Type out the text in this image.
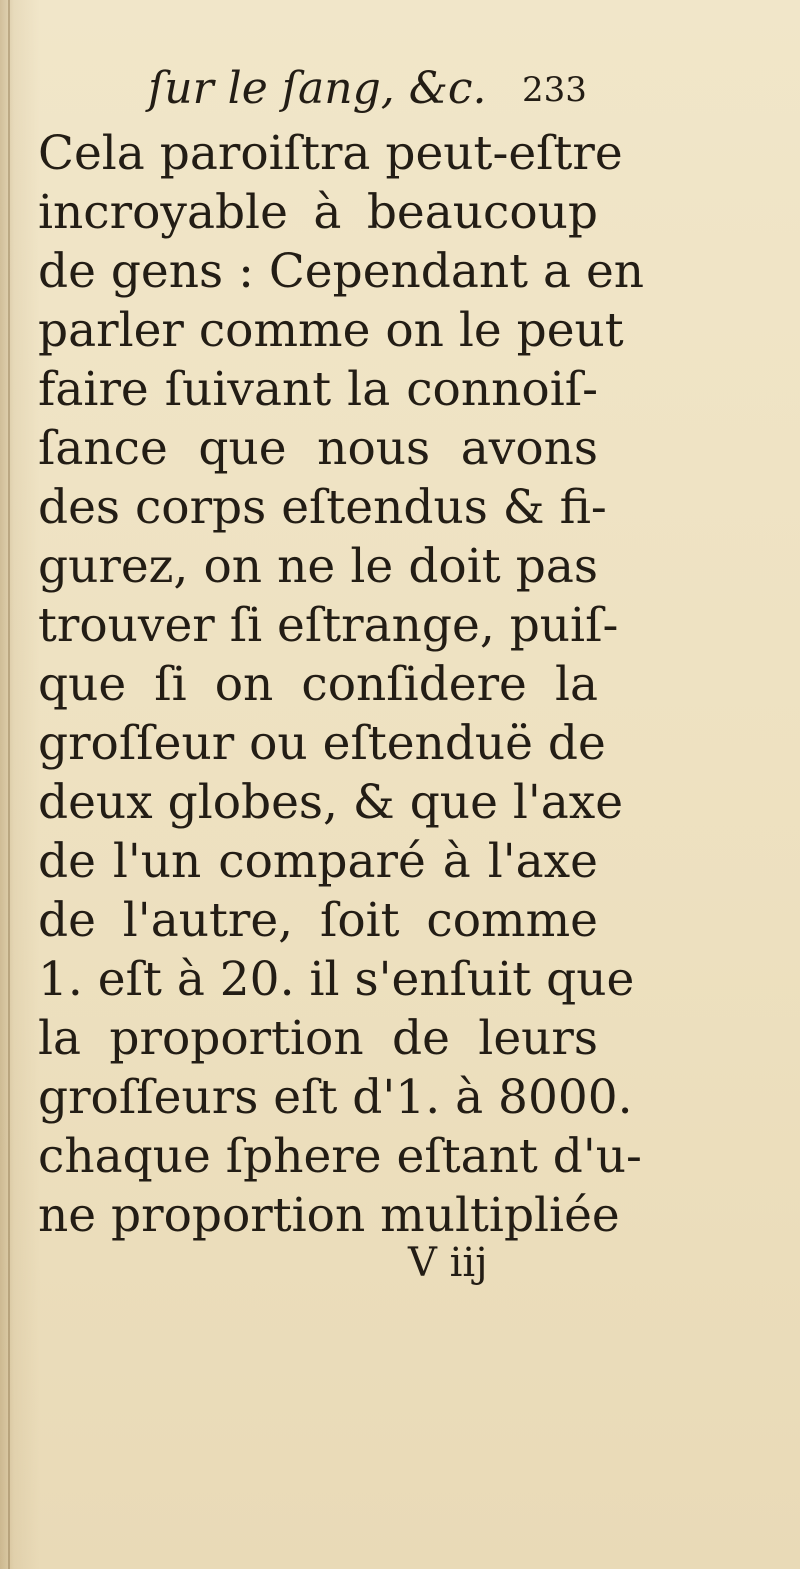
ſur le ſang, &c. 233
Cela paroiſtra peut-eſtre
incroyable à beaucoup
de gens : Cependant a en
parler comme on le peut
faire ſuivant la connoiſ-
ſance que nous avons
des corps eſtendus & fi-
gurez, on ne le doit pas
trouver ſi eſtrange, puiſ-
que ſi on conſidere la
groſſeur ou eſtenduë de
deux globes, & que l'axe
de l'un comparé à l'axe
de l'autre, ſoit comme
1. eſt à 20. il s'enſuit que
la proportion de leurs
groſſeurs eſt d'1. à 8000.
chaque ſphere eſtant d'u-
ne proportion multipliée
V iij
